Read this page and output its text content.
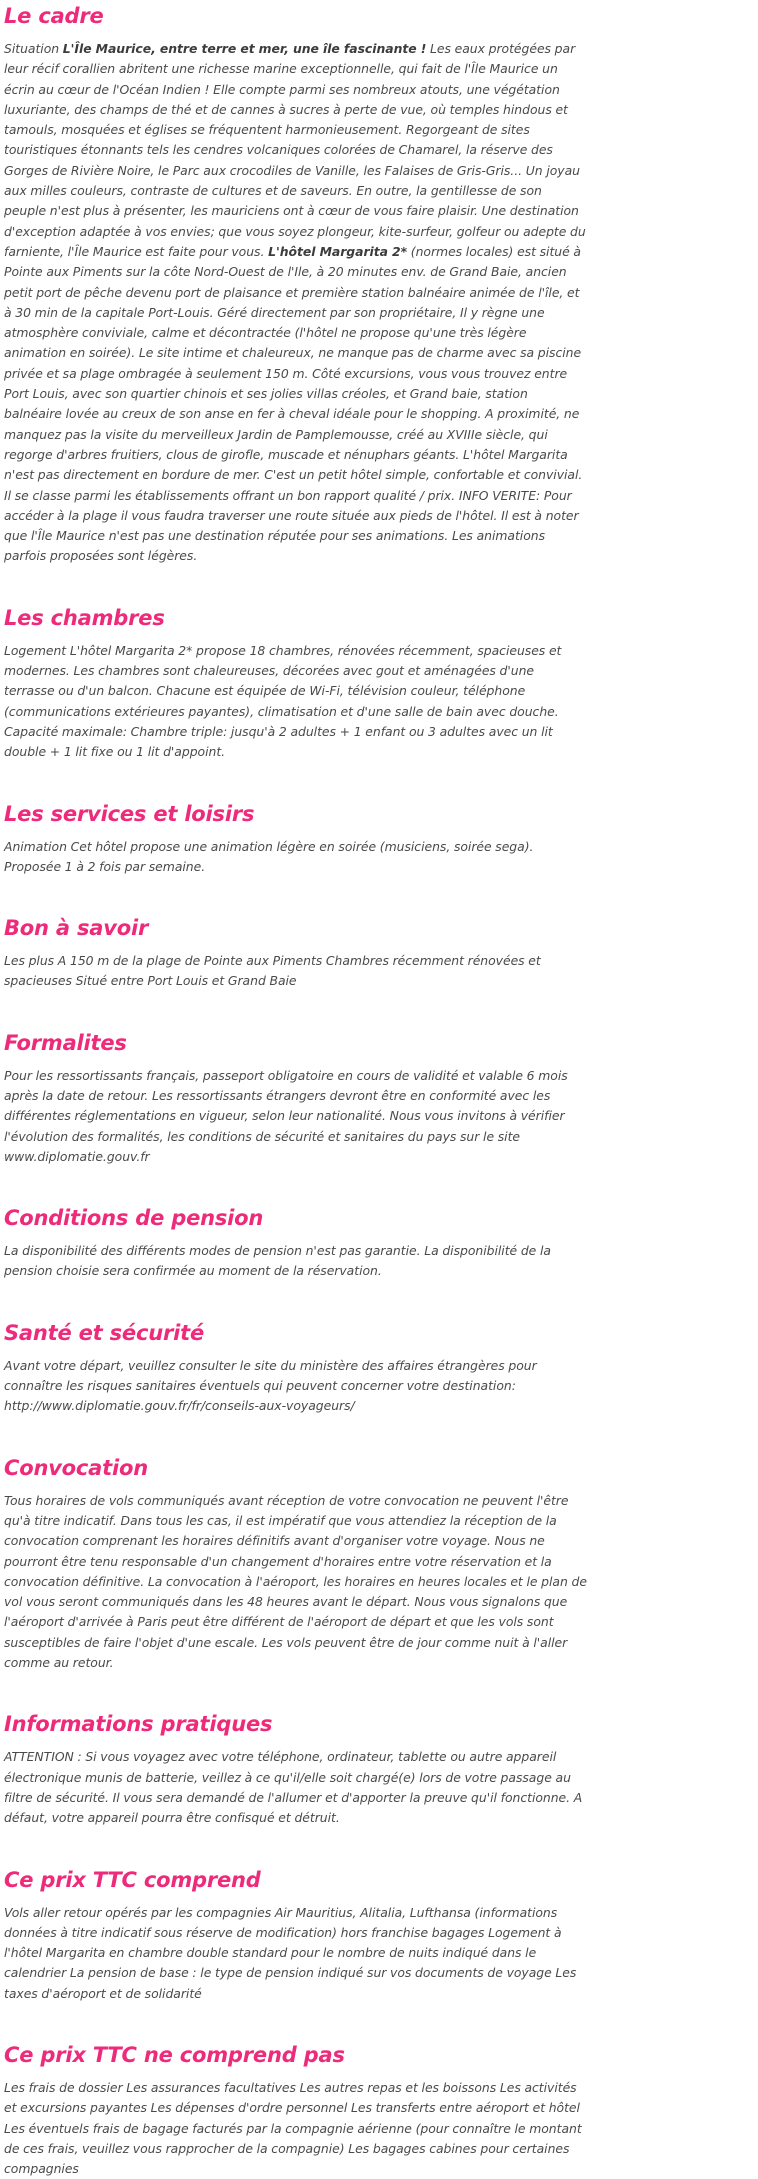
Le cadre

Situation L'Île Maurice, entre terre et mer, une île fascinante ! Les eaux protégées par leur récif corallien abritent une richesse marine exceptionnelle, qui fait de l'Île Maurice un écrin au cœur de l'Océan Indien ! Elle compte parmi ses nombreux atouts, une végétation luxuriante, des champs de thé et de cannes à sucres à perte de vue, où temples hindous et tamouls, mosquées et églises se fréquentent harmonieusement. Regorgeant de sites touristiques étonnants tels les cendres volcaniques colorées de Chamarel, la réserve des Gorges de Rivière Noire, le Parc aux crocodiles de Vanille, les Falaises de Gris-Gris... Un joyau aux milles couleurs, contraste de cultures et de saveurs. En outre, la gentillesse de son peuple n'est plus à présenter, les mauriciens ont à cœur de vous faire plaisir. Une destination d'exception adaptée à vos envies; que vous soyez plongeur, kite-surfeur, golfeur ou adepte du farniente, l'Île Maurice est faite pour vous. L'hôtel Margarita 2* (normes locales) est situé à Pointe aux Piments sur la côte Nord-Ouest de l'Ile, à 20 minutes env. de Grand Baie, ancien petit port de pêche devenu port de plaisance et première station balnéaire animée de l'île, et à 30 min de la capitale Port-Louis. Géré directement par son propriétaire, Il y règne une atmosphère conviviale, calme et décontractée (l'hôtel ne propose qu'une très légère animation en soirée). Le site intime et chaleureux, ne manque pas de charme avec sa piscine privée et sa plage ombragée à seulement 150 m. Côté excursions, vous vous trouvez entre Port Louis, avec son quartier chinois et ses jolies villas créoles, et Grand baie, station balnéaire lovée au creux de son anse en fer à cheval idéale pour le shopping. A proximité, ne manquez pas la visite du merveilleux Jardin de Pamplemousse, créé au XVIIIe siècle, qui regorge d'arbres fruitiers, clous de girofle, muscade et nénuphars géants. L'hôtel Margarita n'est pas directement en bordure de mer. C'est un petit hôtel simple, confortable et convivial. Il se classe parmi les établissements offrant un bon rapport qualité / prix. INFO VERITE: Pour accéder à la plage il vous faudra traverser une route située aux pieds de l'hôtel. Il est à noter que l'Île Maurice n'est pas une destination réputée pour ses animations. Les animations parfois proposées sont légères.

Les chambres

Logement L'hôtel Margarita 2* propose 18 chambres, rénovées récemment, spacieuses et modernes. Les chambres sont chaleureuses, décorées avec gout et aménagées d'une terrasse ou d'un balcon. Chacune est équipée de Wi-Fi, télévision couleur, téléphone (communications extérieures payantes), climatisation et d'une salle de bain avec douche. Capacité maximale: Chambre triple: jusqu'à 2 adultes + 1 enfant ou 3 adultes avec un lit double + 1 lit fixe ou 1 lit d'appoint.

Les services et loisirs

Animation Cet hôtel propose une animation légère en soirée (musiciens, soirée sega). Proposée 1 à 2 fois par semaine.

Bon à savoir

Les plus A 150 m de la plage de Pointe aux Piments Chambres récemment rénovées et spacieuses Situé entre Port Louis et Grand Baie

Formalites

Pour les ressortissants français, passeport obligatoire en cours de validité et valable 6 mois après la date de retour. Les ressortissants étrangers devront être en conformité avec les différentes réglementations en vigueur, selon leur nationalité. Nous vous invitons à vérifier l'évolution des formalités, les conditions de sécurité et sanitaires du pays sur le site www.diplomatie.gouv.fr

Conditions de pension

La disponibilité des différents modes de pension n'est pas garantie. La disponibilité de la pension choisie sera confirmée au moment de la réservation.

Santé et sécurité

Avant votre départ, veuillez consulter le site du ministère des affaires étrangères pour connaître les risques sanitaires éventuels qui peuvent concerner votre destination: http://www.diplomatie.gouv.fr/fr/conseils-aux-voyageurs/

Convocation

Tous horaires de vols communiqués avant réception de votre convocation ne peuvent l'être qu'à titre indicatif. Dans tous les cas, il est impératif que vous attendiez la réception de la convocation comprenant les horaires définitifs avant d'organiser votre voyage. Nous ne pourront être tenu responsable d'un changement d'horaires entre votre réservation et la convocation définitive. La convocation à l'aéroport, les horaires en heures locales et le plan de vol vous seront communiqués dans les 48 heures avant le départ. Nous vous signalons que l'aéroport d'arrivée à Paris peut être différent de l'aéroport de départ et que les vols sont susceptibles de faire l'objet d'une escale. Les vols peuvent être de jour comme nuit à l'aller comme au retour.

Informations pratiques

ATTENTION : Si vous voyagez avec votre téléphone, ordinateur, tablette ou autre appareil électronique munis de batterie, veillez à ce qu'il/elle soit chargé(e) lors de votre passage au filtre de sécurité. Il vous sera demandé de l'allumer et d'apporter la preuve qu'il fonctionne. A défaut, votre appareil pourra être confisqué et détruit.

Ce prix TTC comprend

Vols aller retour opérés par les compagnies Air Mauritius, Alitalia, Lufthansa (informations données à titre indicatif sous réserve de modification) hors franchise bagages Logement à l'hôtel Margarita en chambre double standard pour le nombre de nuits indiqué dans le calendrier La pension de base : le type de pension indiqué sur vos documents de voyage Les taxes d'aéroport et de solidarité

Ce prix TTC ne comprend pas

Les frais de dossier Les assurances facultatives Les autres repas et les boissons Les activités et excursions payantes Les dépenses d'ordre personnel Les transferts entre aéroport et hôtel Les éventuels frais de bagage facturés par la compagnie aérienne (pour connaître le montant de ces frais, veuillez vous rapprocher de la compagnie) Les bagages cabines pour certaines compagnies
